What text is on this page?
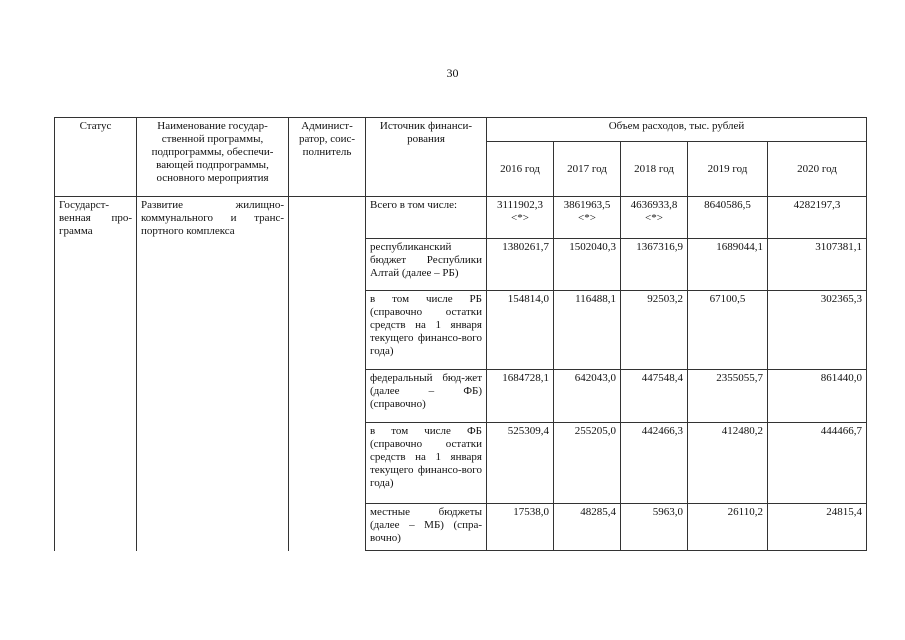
30
Статус	Наименование государ-ственной программы, подпрограммы, обеспечи-вающей подпрограммы, основного мероприятия	Админист-ратор, соис-полнитель	Источник финанси-рования	Объем расходов, тыс. рублей				
				2016 год	2017 год	2018 год	2019 год	2020 год
Государст-венная про-грамма	Развитие жилищно-коммунального и транс-портного комплекса		Всего в том числе:	3111902,3 <*>	3861963,5 <*>	4636933,8 <*>	8640586,5	4282197,3
			республиканский бюджет Республики Алтай (далее – РБ)	1380261,7	1502040,3	1367316,9	1689044,1	3107381,1
			в том числе РБ (справочно остатки средств на 1 января текущего финансо-вого года)	154814,0	116488,1	92503,2	67100,5	302365,3
			федеральный бюд-жет (далее – ФБ) (справочно)	1684728,1	642043,0	447548,4	2355055,7	861440,0
			в том числе ФБ (справочно остатки средств на 1 января текущего финансо-вого года)	525309,4	255205,0	442466,3	412480,2	444466,7
			местные бюджеты (далее – МБ) (спра-вочно)	17538,0	48285,4	5963,0	26110,2	24815,4
